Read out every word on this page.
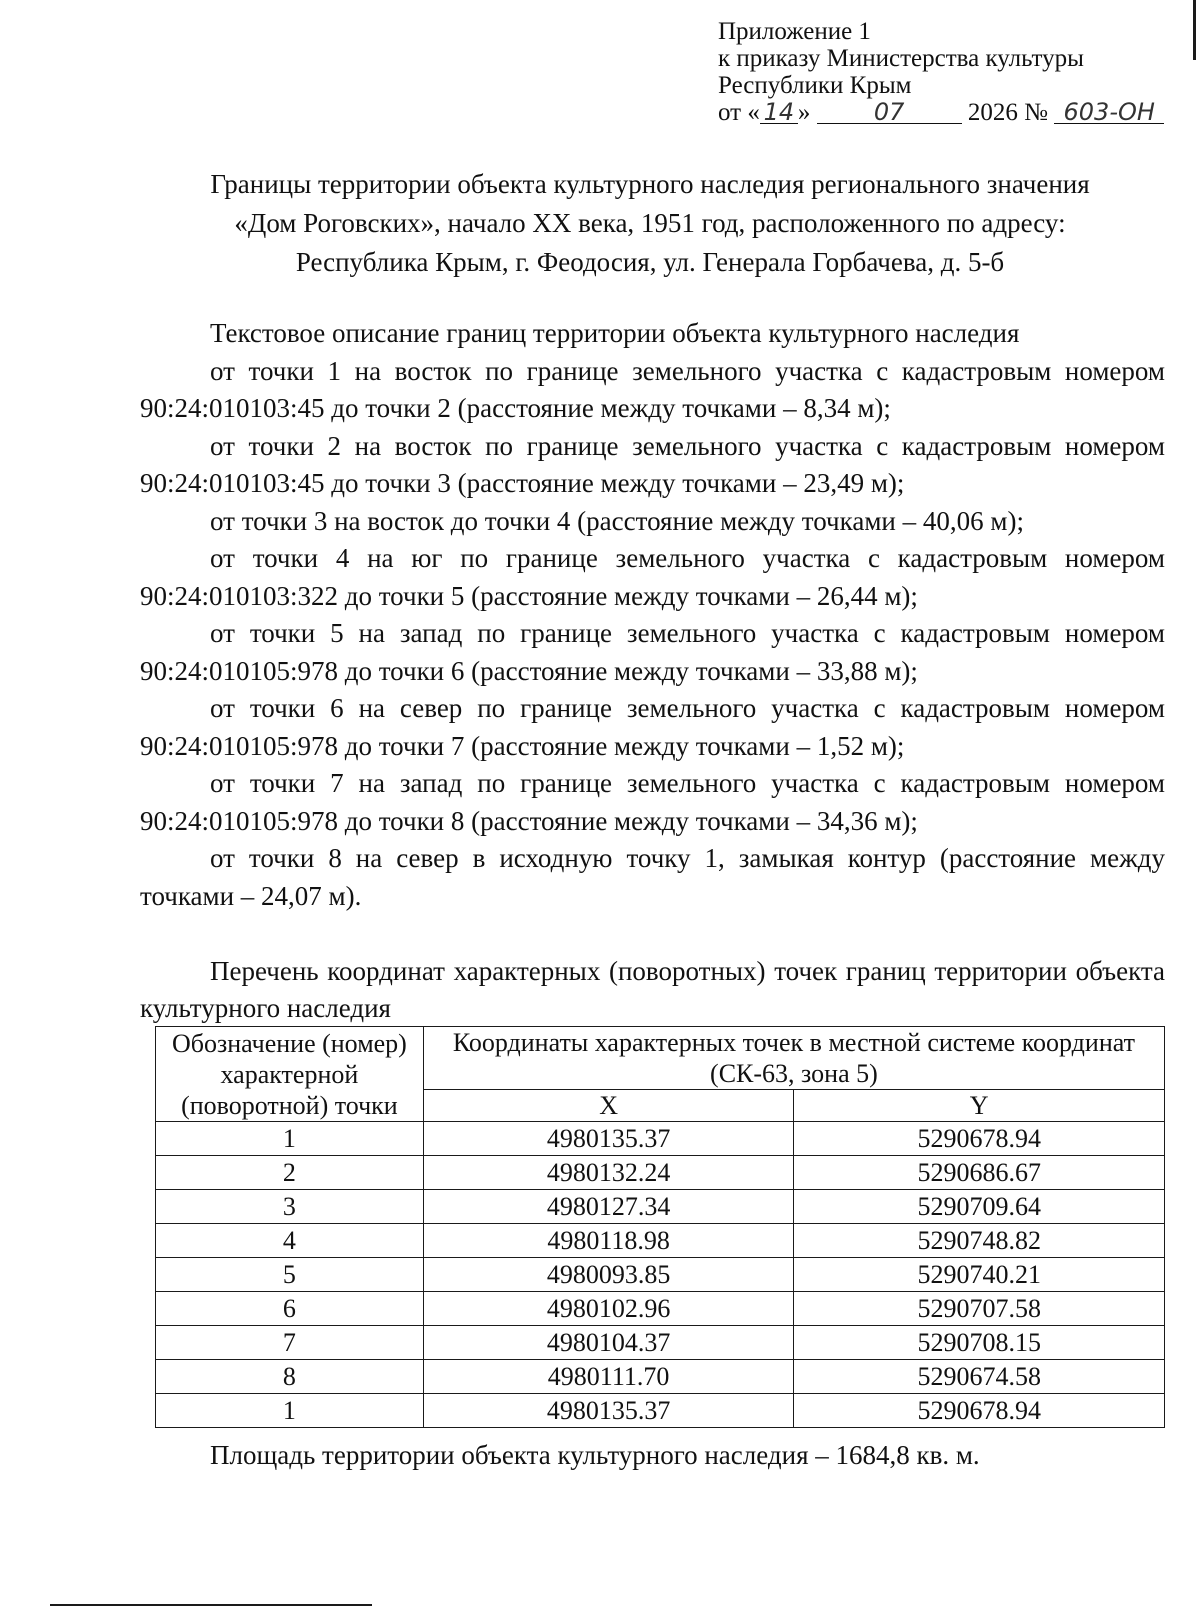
Приложение 1
к приказу Министерства культуры
Республики Крым
от « 14 »	07	2026 № 603-ОН
Границы территории объекта культурного наследия регионального значения
«Дом Роговских», начало XX века, 1951 год, расположенного по адресу:
Республика Крым, г. Феодосия, ул. Генерала Горбачева, д. 5-б
Текстовое описание границ территории объекта культурного наследия

от точки 1 на восток по границе земельного участка с кадастровым номером 90:24:010103:45 до точки 2 (расстояние между точками – 8,34 м);

от точки 2 на восток по границе земельного участка с кадастровым номером 90:24:010103:45 до точки 3 (расстояние между точками – 23,49 м);

от точки 3 на восток до точки 4 (расстояние между точками – 40,06 м);

от точки 4 на юг по границе земельного участка с кадастровым номером 90:24:010103:322 до точки 5 (расстояние между точками – 26,44 м);

от точки 5 на запад по границе земельного участка с кадастровым номером 90:24:010105:978 до точки 6 (расстояние между точками – 33,88 м);

от точки 6 на север по границе земельного участка с кадастровым номером 90:24:010105:978 до точки 7 (расстояние между точками – 1,52 м);

от точки 7 на запад по границе земельного участка с кадастровым номером 90:24:010105:978 до точки 8 (расстояние между точками – 34,36 м);

от точки 8 на север в исходную точку 1, замыкая контур (расстояние между точками – 24,07 м).

Перечень координат характерных (поворотных) точек границ территории объекта культурного наследия

Обозначение (номер) характерной (поворотной) точки	Координаты характерных точек в местной системе координат (СК-63, зона 5)	
	X	Y
1	4980135.37	5290678.94
2	4980132.24	5290686.67
3	4980127.34	5290709.64
4	4980118.98	5290748.82
5	4980093.85	5290740.21
6	4980102.96	5290707.58
7	4980104.37	5290708.15
8	4980111.70	5290674.58
1	4980135.37	5290678.94
Площадь территории объекта культурного наследия – 1684,8 кв. м.
